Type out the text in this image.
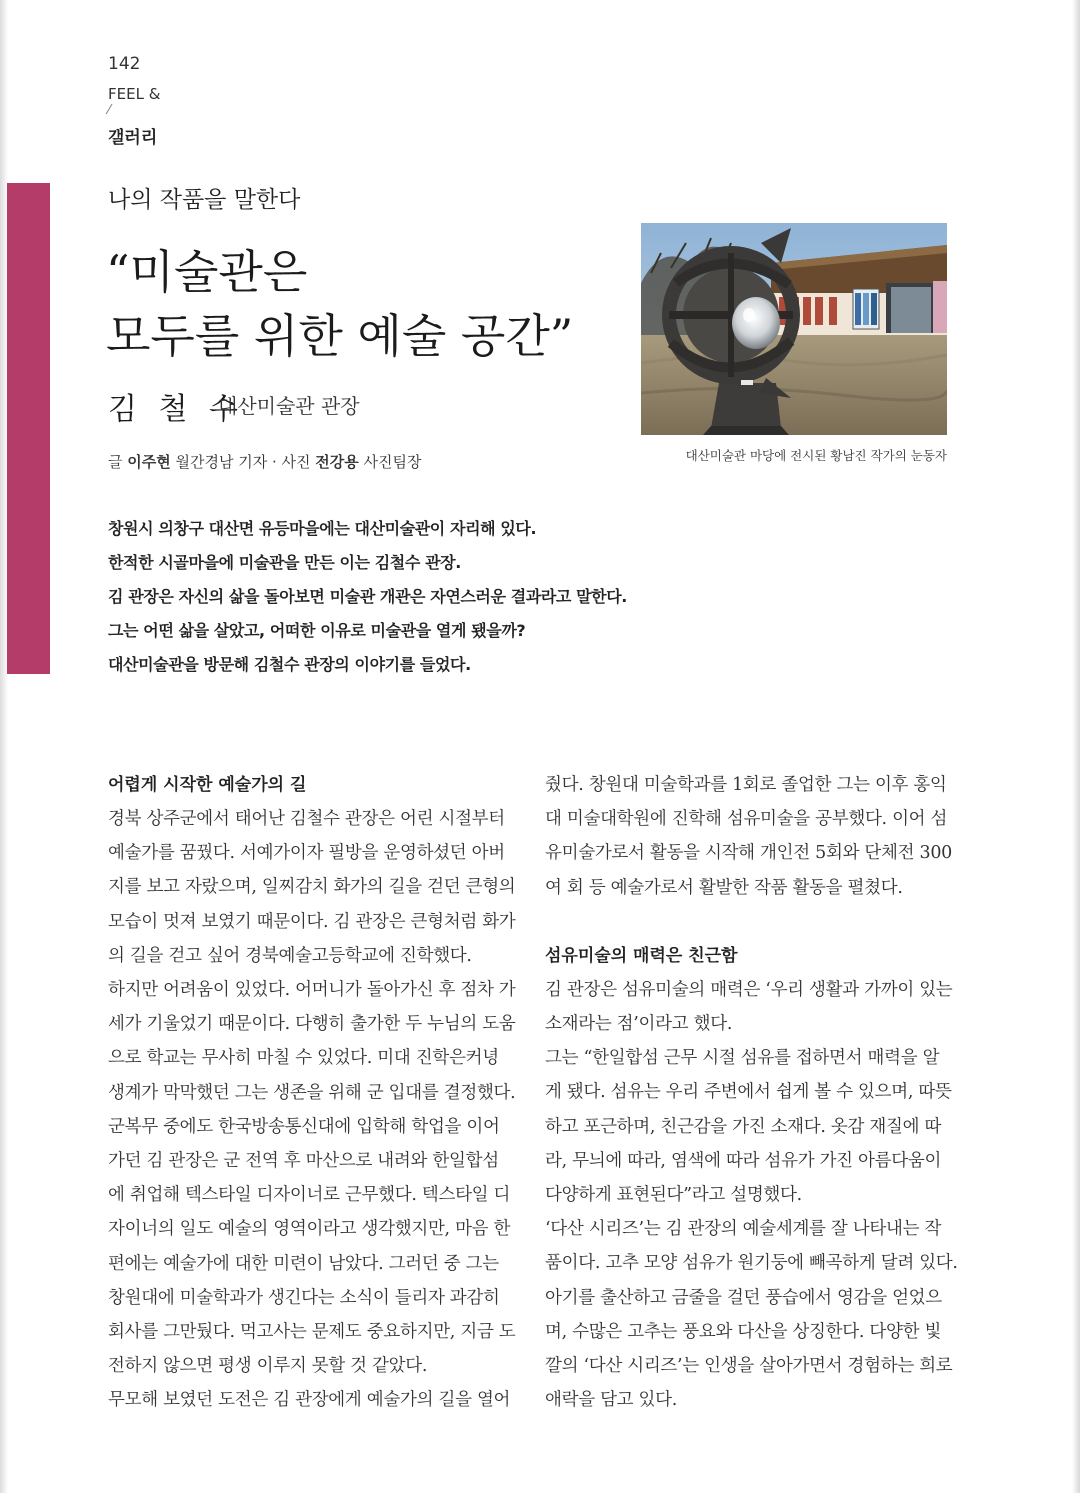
142
FEEL &
⁄
갤러리
나의 작품을 말한다
“미술관은
모두를 위한 예술 공간”
김 철 수
대산미술관 관장
글 이주현 월간경남 기자 · 사진 전강용 사진팀장	대산미술관 마당에 전시된 황남진 작가의 눈동자

창원시 의창구 대산면 유등마을에는 대산미술관이 자리해 있다.

한적한 시골마을에 미술관을 만든 이는 김철수 관장.

김 관장은 자신의 삶을 돌아보면 미술관 개관은 자연스러운 결과라고 말한다.

그는 어떤 삶을 살았고, 어떠한 이유로 미술관을 열게 됐을까?

대산미술관을 방문해 김철수 관장의 이야기를 들었다.

어렵게 시작한 예술가의 길

경북 상주군에서 태어난 김철수 관장은 어린 시절부터

예술가를 꿈꿨다. 서예가이자 필방을 운영하셨던 아버

지를 보고 자랐으며, 일찌감치 화가의 길을 걷던 큰형의

모습이 멋져 보였기 때문이다. 김 관장은 큰형처럼 화가

의 길을 걷고 싶어 경북예술고등학교에 진학했다.

하지만 어려움이 있었다. 어머니가 돌아가신 후 점차 가

세가 기울었기 때문이다. 다행히 출가한 두 누님의 도움

으로 학교는 무사히 마칠 수 있었다. 미대 진학은커녕

생계가 막막했던 그는 생존을 위해 군 입대를 결정했다.

군복무 중에도 한국방송통신대에 입학해 학업을 이어

가던 김 관장은 군 전역 후 마산으로 내려와 한일합섬

에 취업해 텍스타일 디자이너로 근무했다. 텍스타일 디

자이너의 일도 예술의 영역이라고 생각했지만, 마음 한

편에는 예술가에 대한 미련이 남았다. 그러던 중 그는

창원대에 미술학과가 생긴다는 소식이 들리자 과감히

회사를 그만뒀다. 먹고사는 문제도 중요하지만, 지금 도

전하지 않으면 평생 이루지 못할 것 같았다.

무모해 보였던 도전은 김 관장에게 예술가의 길을 열어

줬다. 창원대 미술학과를 1회로 졸업한 그는 이후 홍익

대 미술대학원에 진학해 섬유미술을 공부했다. 이어 섬

유미술가로서 활동을 시작해 개인전 5회와 단체전 300

여 회 등 예술가로서 활발한 작품 활동을 펼쳤다.

섬유미술의 매력은 친근함

김 관장은 섬유미술의 매력은 ‘우리 생활과 가까이 있는

소재라는 점’이라고 했다.

그는 “한일합섬 근무 시절 섬유를 접하면서 매력을 알

게 됐다. 섬유는 우리 주변에서 쉽게 볼 수 있으며, 따뜻

하고 포근하며, 친근감을 가진 소재다. 옷감 재질에 따

라, 무늬에 따라, 염색에 따라 섬유가 가진 아름다움이

다양하게 표현된다”라고 설명했다.

‘다산 시리즈’는 김 관장의 예술세계를 잘 나타내는 작

품이다. 고추 모양 섬유가 원기둥에 빼곡하게 달려 있다.

아기를 출산하고 금줄을 걸던 풍습에서 영감을 얻었으

며, 수많은 고추는 풍요와 다산을 상징한다. 다양한 빛

깔의 ‘다산 시리즈’는 인생을 살아가면서 경험하는 희로

애락을 담고 있다.
